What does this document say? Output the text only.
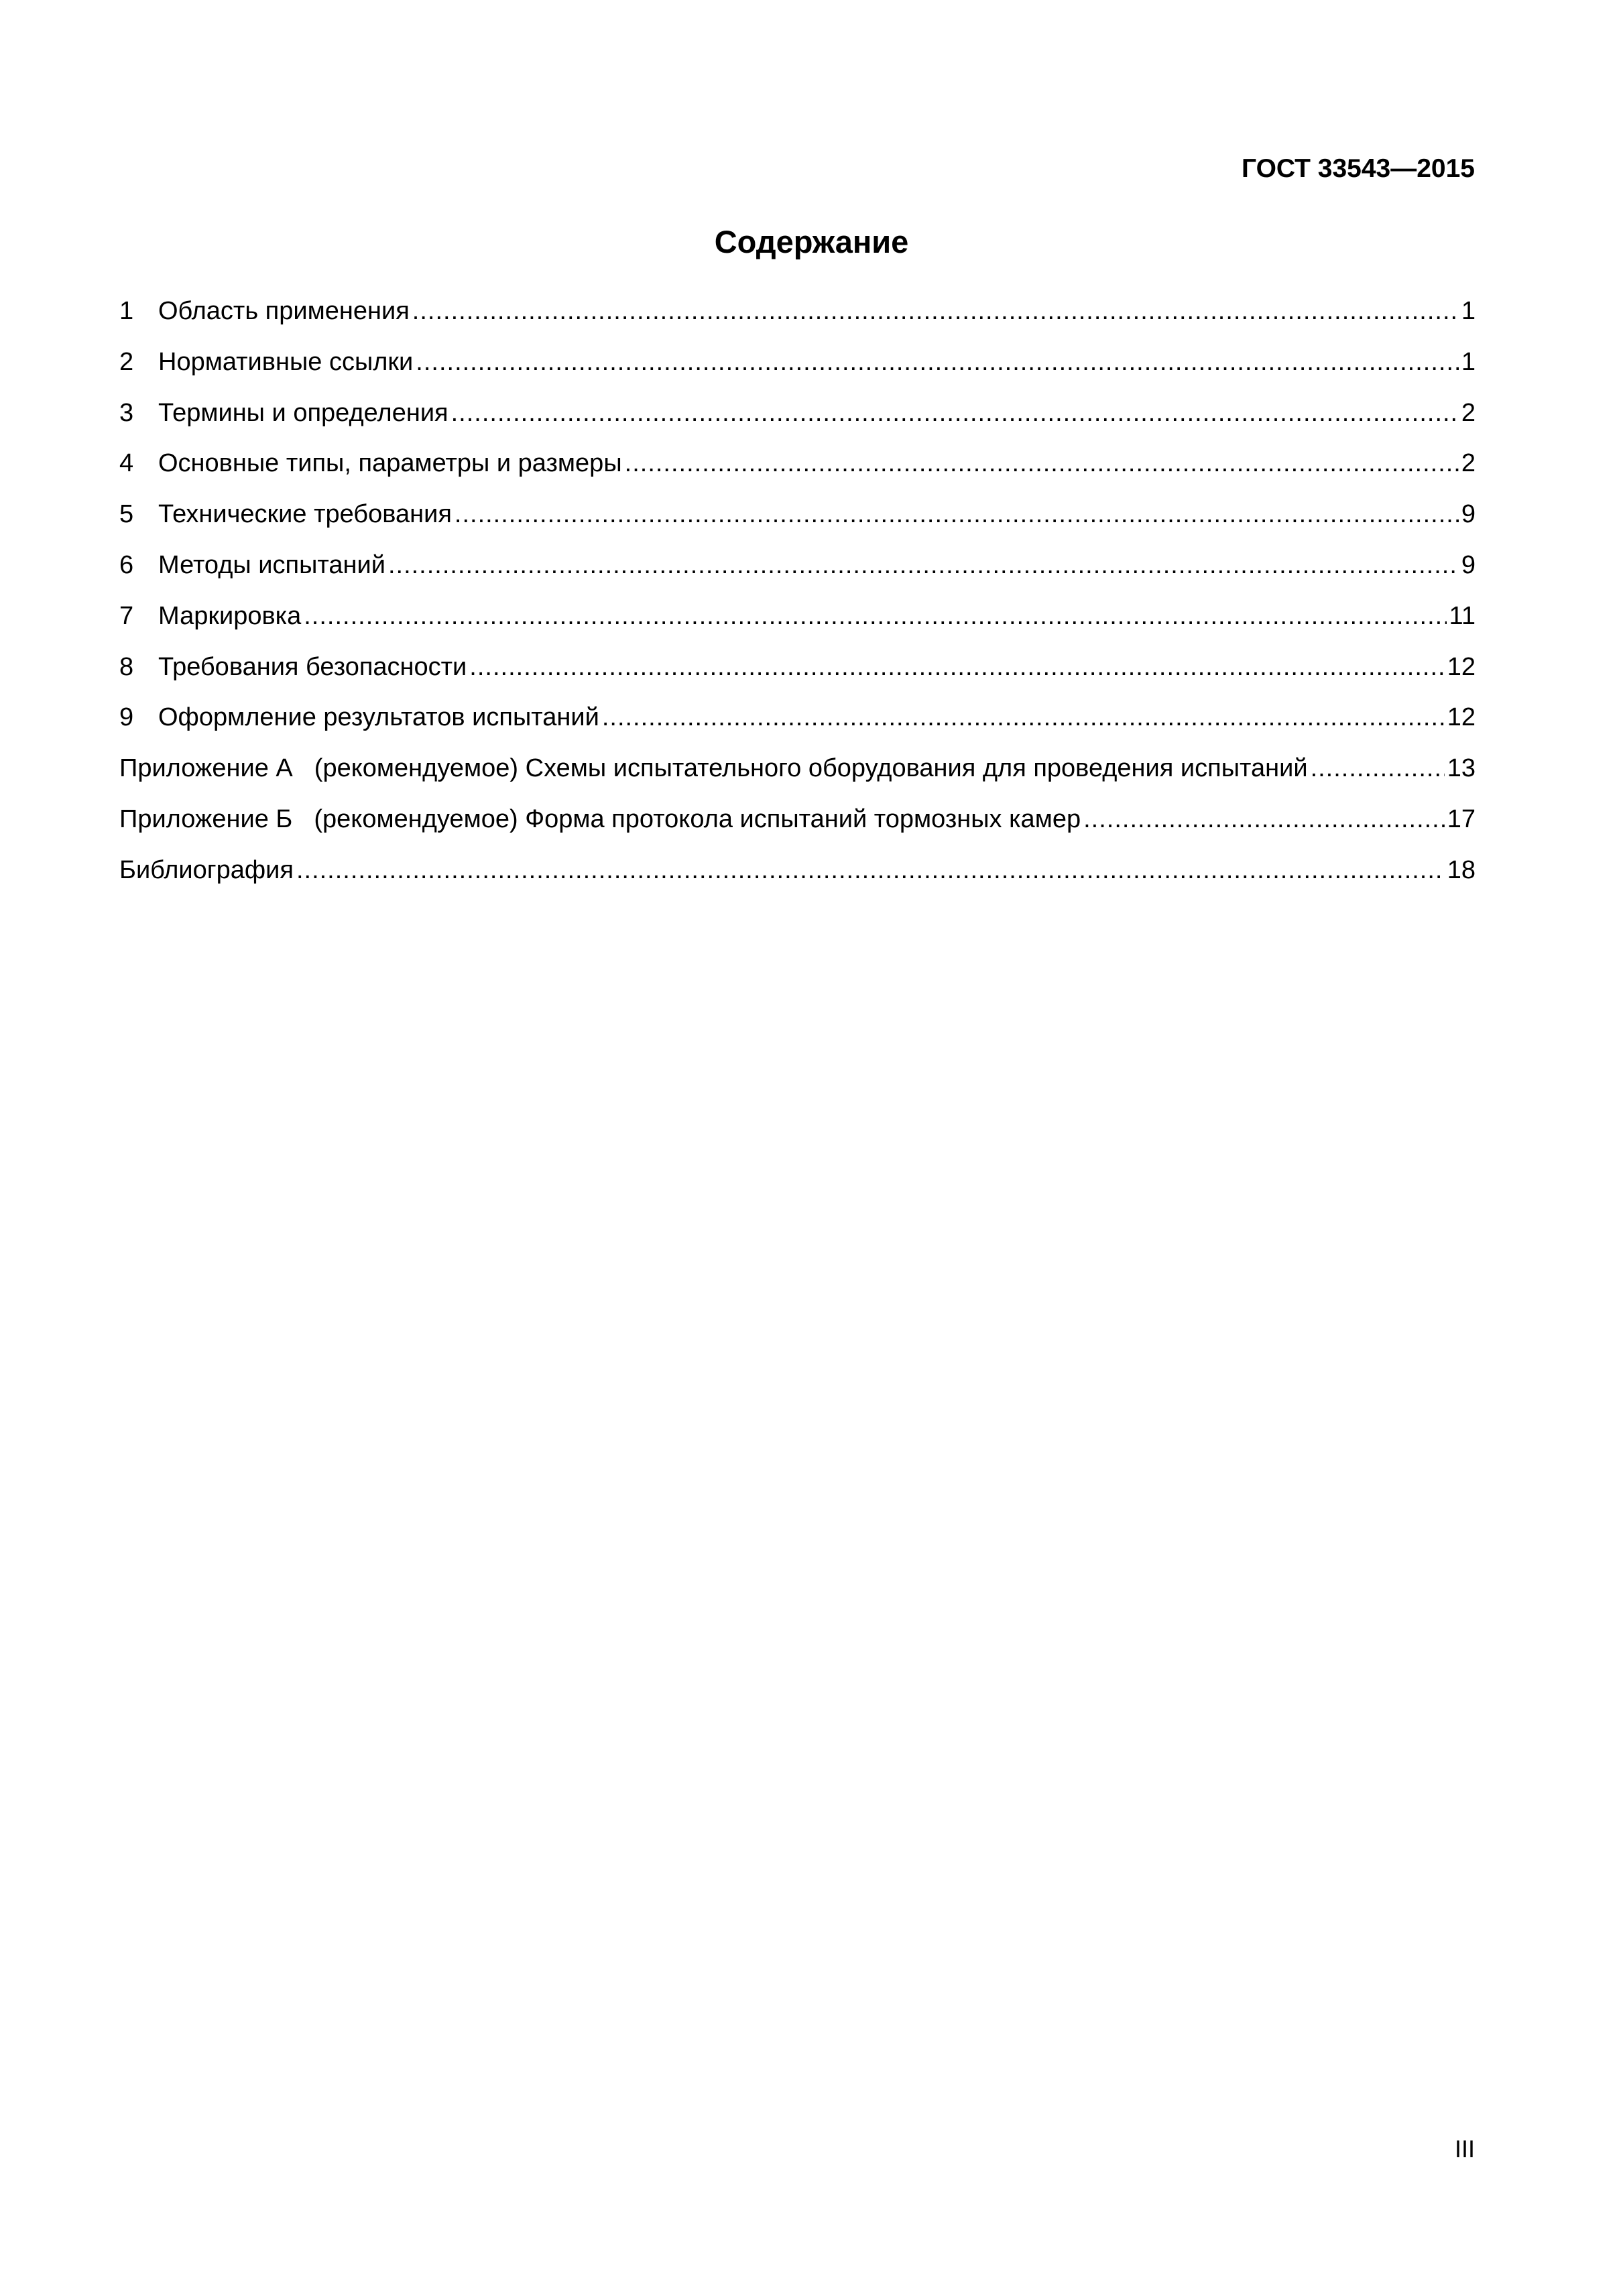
ГОСТ 33543—2015
Содержание
1 Область применения .....	1
2 Нормативные ссылки .....	1
3 Термины и определения .....	2
4 Основные типы, параметры и размеры .....	2
5 Технические требования .....	9
6 Методы испытаний .....	9
7 Маркировка .....	11
8 Требования безопасности .....	12
9 Оформление результатов испытаний .....	12
Приложение А (рекомендуемое) Схемы испытательного оборудования для проведения испытаний .....	13
Приложение Б (рекомендуемое) Форма протокола испытаний тормозных камер .....	17
Библиография .....	18
III
